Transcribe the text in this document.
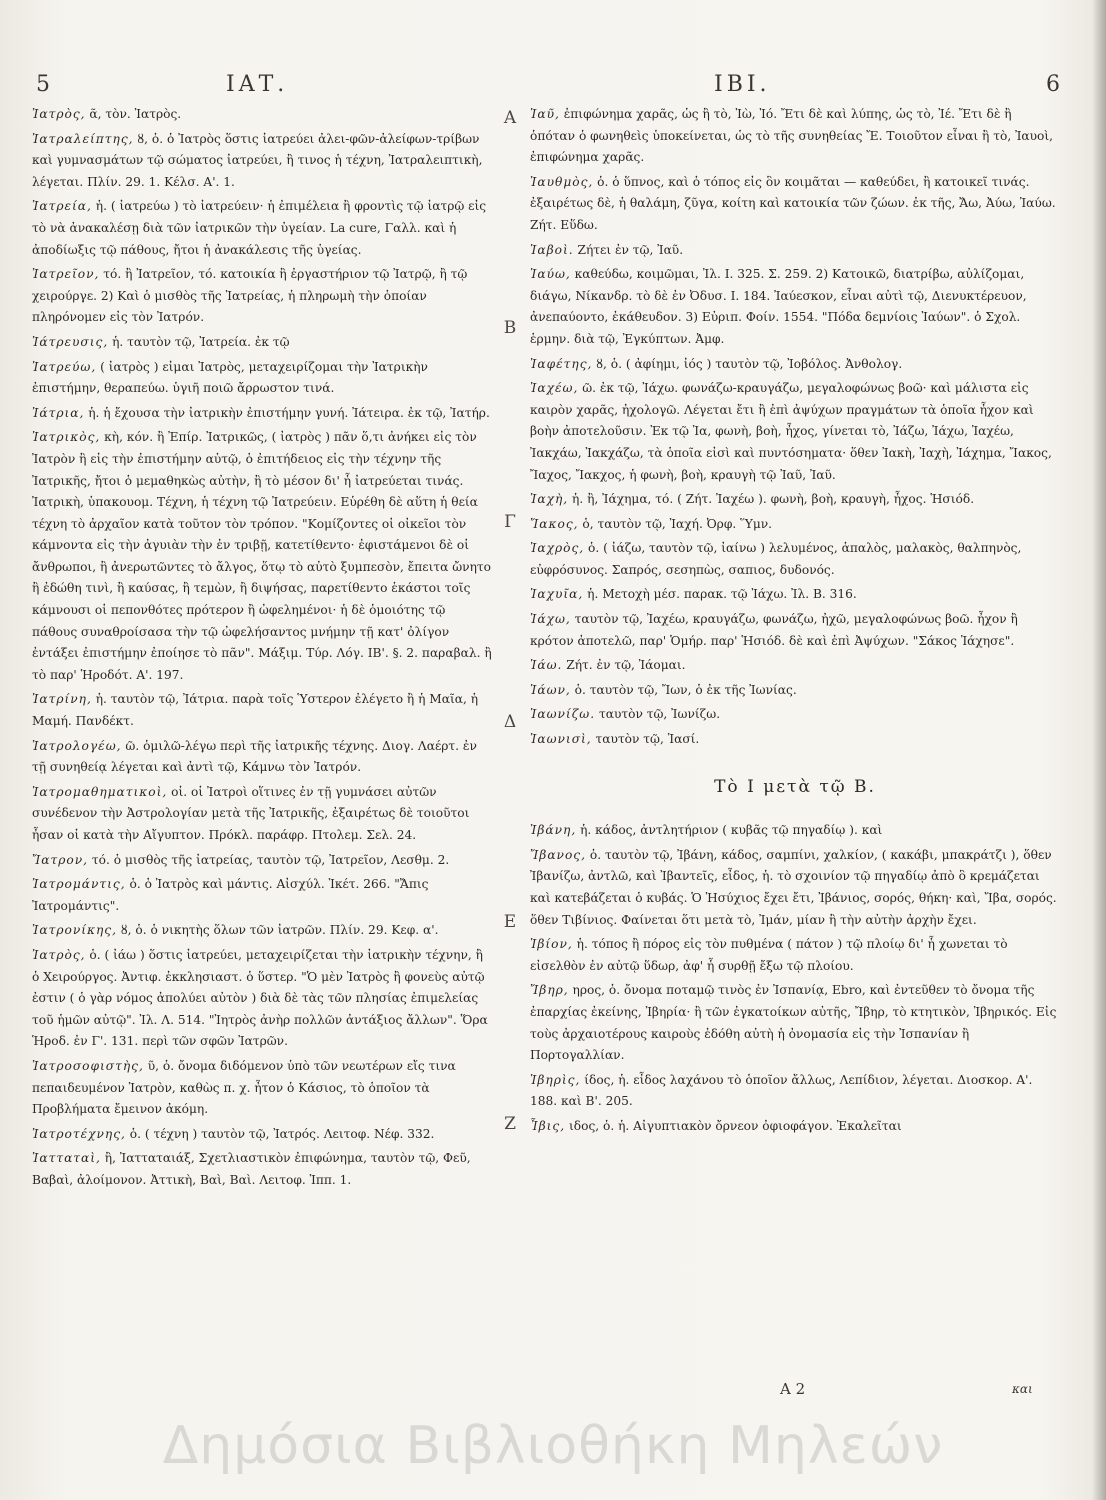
5	ΙΑΤ.	ΙΒΙ.	6

Ἰατρὸς, ᾶ, τὸν. Ἰατρὸς.

Ἰατραλείπτης, ȣ, ὁ. ὁ Ἰατρὸς ὅστις ἰατρεύει ἀλει-φῶν-ἀλείφων-τρίβων καὶ γυμνασμάτων τῷ σώματος ἰατρεύει, ἢ τινος ἡ τέχνη, Ἰατραλειπτικὴ, λέγεται. Πλίν. 29. 1. Κέλσ. Α'. 1.

Ἰατρεία, ἡ. ( ἰατρεύω ) τὸ ἰατρεύειν· ἡ ἐπιμέλεια ἢ φροντὶς τῷ ἰατρῷ εἰς τὸ νὰ ἀνακαλέσῃ διὰ τῶν ἰατρικῶν τὴν ὑγείαν. La cure, Γαλλ. καὶ ἡ ἀποδίωξις τῷ πάθους, ἤτοι ἡ ἀνακάλεσις τῆς ὑγείας.

Ἰατρεῖον, τό. ἢ Ἰατρεῖον, τό. κατοικία ἢ ἐργαστήριον τῷ Ἰατρῷ, ἢ τῷ χειρούργε. 2) Καὶ ὁ μισθὸς τῆς Ἰατρείας, ἡ πληρωμὴ τὴν ὁποίαν πληρόνομεν εἰς τὸν Ἰατρόν.

Ἰάτρευσις, ἡ. ταυτὸν τῷ, Ἰατρεία. ἐκ τῷ

Ἰατρεύω, ( ἰατρὸς ) εἰμαι Ἰατρὸς, μεταχειρίζομαι τὴν Ἰατρικὴν ἐπιστήμην, θεραπεύω. ὑγιῆ ποιῶ ἄρρωστον τινά.

Ἰάτρια, ἡ. ἡ ἔχουσα τὴν ἰατρικὴν ἐπιστήμην γυνή. Ἰάτειρα. ἐκ τῷ, Ἰατήρ.

Ἰατρικὸς, κὴ, κόν. ἢ Ἐπίρ. Ἰατρικῶς, ( ἰατρὸς ) πᾶν ὅ,τι ἀνήκει εἰς τὸν Ἰατρὸν ἢ εἰς τὴν ἐπιστήμην αὐτῷ, ὁ ἐπιτήδειος εἰς τὴν τέχνην τῆς Ἰατρικῆς, ἤτοι ὁ μεμαθηκὼς αὐτὴν, ἢ τὸ μέσον δι' ἧ ἰατρεύεται τινάς. Ἰατρικὴ, ὑπακουομ. Τέχνη, ἡ τέχνη τῷ Ἰατρεύειν. Εὑρέθη δὲ αὕτη ἡ θεία τέχνη τὸ ἀρχαῖον κατὰ τοῦτον τὸν τρόπον. "Κομίζοντες οἱ οἰκεῖοι τὸν κάμνοντα εἰς τὴν ἀγυιὰν τὴν ἐν τριβῇ, κατετίθεντο· ἐφιστάμενοι δὲ οἱ ἄνθρωποι, ἢ ἀνερωτῶντες τὸ ἄλγος, ὅτῳ τὸ αὐτὸ ξυμπεσὸν, ἔπειτα ὤνητο ἢ ἐδώθη τινὶ, ἢ καύσας, ἢ τεμὼν, ἢ διψήσας, παρετίθεντο ἑκάστοι τοῖς κάμνουσι οἱ πεπονθότες πρότερον ἢ ὠφελημένοι· ἡ δὲ ὁμοιότης τῷ πάθους συναθροίσασα τὴν τῷ ὠφελήσαντος μνήμην τῇ κατ' ὀλίγον ἐντάξει ἐπιστήμην ἐποίησε τὸ πᾶν". Μάξιμ. Τύρ. Λόγ. ΙΒ'. §. 2. παραβαλ. ἢ τὸ παρ' Ἡροδότ. Α'. 197.

Ἰατρίνη, ἡ. ταυτὸν τῷ, Ἰάτρια. παρὰ τοῖς Ὑστερον ἐλέγετο ἢ ἡ Μαῖα, ἡ Μαμή. Πανδέκτ.

Ἰατρολογέω, ῶ. ὁμιλῶ-λέγω περὶ τῆς ἰατρικῆς τέχνης. Διογ. Λαέρτ. ἐν τῇ συνηθείᾳ λέγεται καὶ ἀντὶ τῷ, Κάμνω τὸν Ἰατρόν.

Ἰατρομαθηματικοὶ, οἱ. οἱ Ἰατροὶ οἵτινες ἐν τῇ γυμνάσει αὐτῶν συνέδενον τὴν Ἀστρολογίαν μετὰ τῆς Ἰατρικῆς, ἐξαιρέτως δὲ τοιοῦτοι ἦσαν οἱ κατὰ τὴν Αἴγυπτον. Πρόκλ. παράφρ. Πτολεμ. Σελ. 24.

Ἴατρον, τό. ὁ μισθὸς τῆς ἰατρείας, ταυτὸν τῷ, Ἰατρεῖον, Λεσθμ. 2.

Ἰατρομάντις, ὁ. ὁ Ἰατρὸς καὶ μάντις. Αἰσχύλ. Ἱκέτ. 266. "Ἄπις Ἰατρομάντις".

Ἰατρονίκης, ȣ, ὁ. ὁ νικητὴς ὅλων τῶν ἰατρῶν. Πλίν. 29. Κεφ. α'.

Ἰατρὸς, ὁ. ( ἰάω ) ὅστις ἰατρεύει, μεταχειρίζεται τὴν ἰατρικὴν τέχνην, ἢ ὁ Χειρούργος. Ἀντιφ. ἐκκλησιαστ. ὁ ὕστερ. "Ὁ μὲν Ἰατρὸς ἢ φονεὺς αὐτῷ ἐστιν ( ὁ γὰρ νόμος ἀπολύει αὐτὸν ) διὰ δὲ τὰς τῶν πλησίας ἐπιμελείας τοῦ ἡμῶν αὐτῷ". Ἰλ. Λ. 514. "Ἰητρὸς ἀνὴρ πολλῶν ἀντάξιος ἄλλων". Ὅρα Ἡροδ. ἐν Γ'. 131. περὶ τῶν σφῶν Ἰατρῶν.

Ἰατροσοφιστὴς, ῦ, ὁ. ὄνομα διδόμενον ὑπὸ τῶν νεωτέρων εἴς τινα πεπαιδευμένον Ἰατρὸν, καθὼς π. χ. ἦτον ὁ Κάσιος, τὸ ὁποῖον τὰ Προβλήματα ἔμεινον ἀκόμη.

Ἰατροτέχνης, ὁ. ( τέχνη ) ταυτὸν τῷ, Ἰατρός. Λειτοφ. Νέφ. 332.

Ἰατταταὶ, ἢ, Ἰατταταιάξ, Σχετλιαστικὸν ἐπιφώνημα, ταυτὸν τῷ, Φεῦ, Βαβαὶ, ἀλοίμονον. Ἀττικὴ, Βαὶ, Βαὶ. Λειτοφ. Ἱππ. 1.

Α
Β
Γ
Δ
Ε
Ζ

Ἰαῦ, ἐπιφώνημα χαρᾶς, ὡς ἢ τὸ, Ἰὼ, Ἰό. Ἔτι δὲ καὶ λύπης, ὡς τὸ, Ἰέ. Ἔτι δὲ ἢ ὁπόταν ὁ φωνηθεὶς ὑποκείνεται, ὡς τὸ τῆς συνηθείας Ἔ. Τοιοῦτον εἶναι ἢ τὸ, Ἰαυοὶ, ἐπιφώνημα χαρᾶς.

Ἰαυθμὸς, ὁ. ὁ ὕπνος, καὶ ὁ τόπος εἰς ὃν κοιμᾶται — καθεύδει, ἢ κατοικεῖ τινάς. ἐξαιρέτως δὲ, ἡ θαλάμη, ζῦγα, κοίτη καὶ κατοικία τῶν ζώων. ἐκ τῆς, Ἄω, Ἀύω, Ἰαύω. Ζήτ. Εὕδω.

Ἰαβοὶ. Ζήτει ἐν τῷ, Ἰαῦ.

Ἰαύω, καθεύδω, κοιμῶμαι, Ἰλ. Ι. 325. Σ. 259. 2) Κατοικῶ, διατρίβω, αὐλίζομαι, διάγω, Νίκανδρ. τὸ δὲ ἐν Ὀδυσ. Ι. 184. Ἰαύεσκον, εἶναι αὐτὶ τῷ, Διενυκτέρευον, ἀνεπαύοντο, ἐκάθευδον. 3) Εὐριπ. Φοίν. 1554. "Πόδα δεμνίοις Ἰαύων". ὁ Σχολ. ἑρμην. διὰ τῷ, Ἐγκύπτων. Ἀμφ.

Ἰαφέτης, ȣ, ὁ. ( ἀφίημι, ἰός ) ταυτὸν τῷ, Ἰοβόλος. Ἀνθολογ.

Ἰαχέω, ῶ. ἐκ τῷ, Ἰάχω. φωνάζω-κραυγάζω, μεγαλοφώνως βοῶ· καὶ μάλιστα εἰς καιρὸν χαρᾶς, ἠχολογῶ. Λέγεται ἔτι ἢ ἐπὶ ἀψύχων πραγμάτων τὰ ὁποῖα ἦχον καὶ βοὴν ἀποτελοῦσιν. Ἐκ τῷ Ἰα, φωνὴ, βοὴ, ἦχος, γίνεται τὸ, Ἰάζω, Ἰάχω, Ἰαχέω, Ἰακχάω, Ἰακχάζω, τὰ ὁποῖα εἰσὶ καὶ πυντόσηματα· ὅθεν Ἰακὴ, Ἰαχὴ, Ἰάχημα, Ἴακος, Ἴαχος, Ἴακχος, ἡ φωνὴ, βοὴ, κραυγὴ τῷ Ἰαῦ, Ἰαῦ.

Ἰαχὴ, ἡ. ἢ, Ἰάχημα, τό. ( Ζήτ. Ἰαχέω ). φωνὴ, βοὴ, κραυγὴ, ἦχος. Ἡσιόδ.

Ἴακος, ὁ, ταυτὸν τῷ, Ἰαχή. Ὀρφ. Ὕμν.

Ἰαχρὸς, ὁ. ( ἰάζω, ταυτὸν τῷ, ἰαίνω ) λελυμένος, ἁπαλὸς, μαλακὸς, θαλπηνὸς, εὐφρόσυνος. Σαπρός, σεσηπὼς, σαπιος, δυδονός.

Ἰαχυῖα, ἡ. Μετοχὴ μέσ. παρακ. τῷ Ἰάχω. Ἰλ. Β. 316.

Ἰάχω, ταυτὸν τῷ, Ἰαχέω, κραυγάζω, φωνάζω, ἠχῶ, μεγαλοφώνως βοῶ. ἦχον ἢ κρότον ἀποτελῶ, παρ' Ὁμήρ. παρ' Ἡσιόδ. δὲ καὶ ἐπὶ Ἀψύχων. "Σάκος Ἰάχησε".

Ἰάω. Ζήτ. ἐν τῷ, Ἰάομαι.

Ἰάων, ὁ. ταυτὸν τῷ, Ἴων, ὁ ἐκ τῆς Ἰωνίας.

Ἰαωνίζω. ταυτὸν τῷ, Ἰωνίζω.

Ἰαωνισὶ, ταυτὸν τῷ, Ἰασί.

Τὸ Ι μετὰ τῷ Β.

Ἰβάνη, ἡ. κάδος, ἀντλητήριον ( κυβᾶς τῷ πηγαδίῳ ). καὶ

Ἴβανος, ὁ. ταυτὸν τῷ, Ἰβάνη, κάδος, σαμπίνι, χαλκίον, ( κακάβι, μπακράτζι ), ὅθεν Ἰβανίζω, ἀντλῶ, καὶ Ἰβαντεῖς, εἶδος, ἡ. τὸ σχοινίον τῷ πηγαδίῳ ἀπὸ ὃ κρεμάζεται καὶ κατεβάζεται ὁ κυβάς. Ὁ Ἡσύχιος ἔχει ἔτι, Ἰβάνιος, σορός, θήκη· καὶ, Ἴβα, σορός. ὅθεν Τιβίνιος. Φαίνεται ὅτι μετὰ τὸ, Ἰμάν, μίαν ἢ τὴν αὐτὴν ἀρχὴν ἔχει.

Ἰβίον, ἡ. τόπος ἢ πόρος εἰς τὸν πυθμένα ( πάτον ) τῷ πλοίῳ δι' ἧ χωνεται τὸ εἰσελθὸν ἐν αὐτῷ ὕδωρ, ἀφ' ἧ συρθῇ ἔξω τῷ πλοίου.

Ἴβηρ, ηρος, ὁ. ὄνομα ποταμῷ τινὸς ἐν Ἰσπανίᾳ, Ebro, καὶ ἐντεῦθεν τὸ ὄνομα τῆς ἐπαρχίας ἐκείνης, Ἰβηρία· ἢ τῶν ἐγκατοίκων αὐτῆς, Ἴβηρ, τὸ κτητικὸν, Ἰβηρικός. Εἰς τοὺς ἀρχαιοτέρους καιροὺς ἐδόθη αὐτὴ ἡ ὀνομασία εἰς τὴν Ἰσπανίαν ἢ Πορτογαλλίαν.

Ἰβηρὶς, ίδος, ἡ. εἶδος λαχάνου τὸ ὁποῖον ἄλλως, Λεπίδιον, λέγεται. Διοσκορ. Α'. 188. καὶ Β'. 205.

Ἶβις, ιδος, ὁ. ἡ. Αἰγυπτιακὸν ὄρνεον ὀφιοφάγον. Ἐκαλεῖται

Α 2	και
Δημόσια Βιβλιοθήκη Μηλεών
